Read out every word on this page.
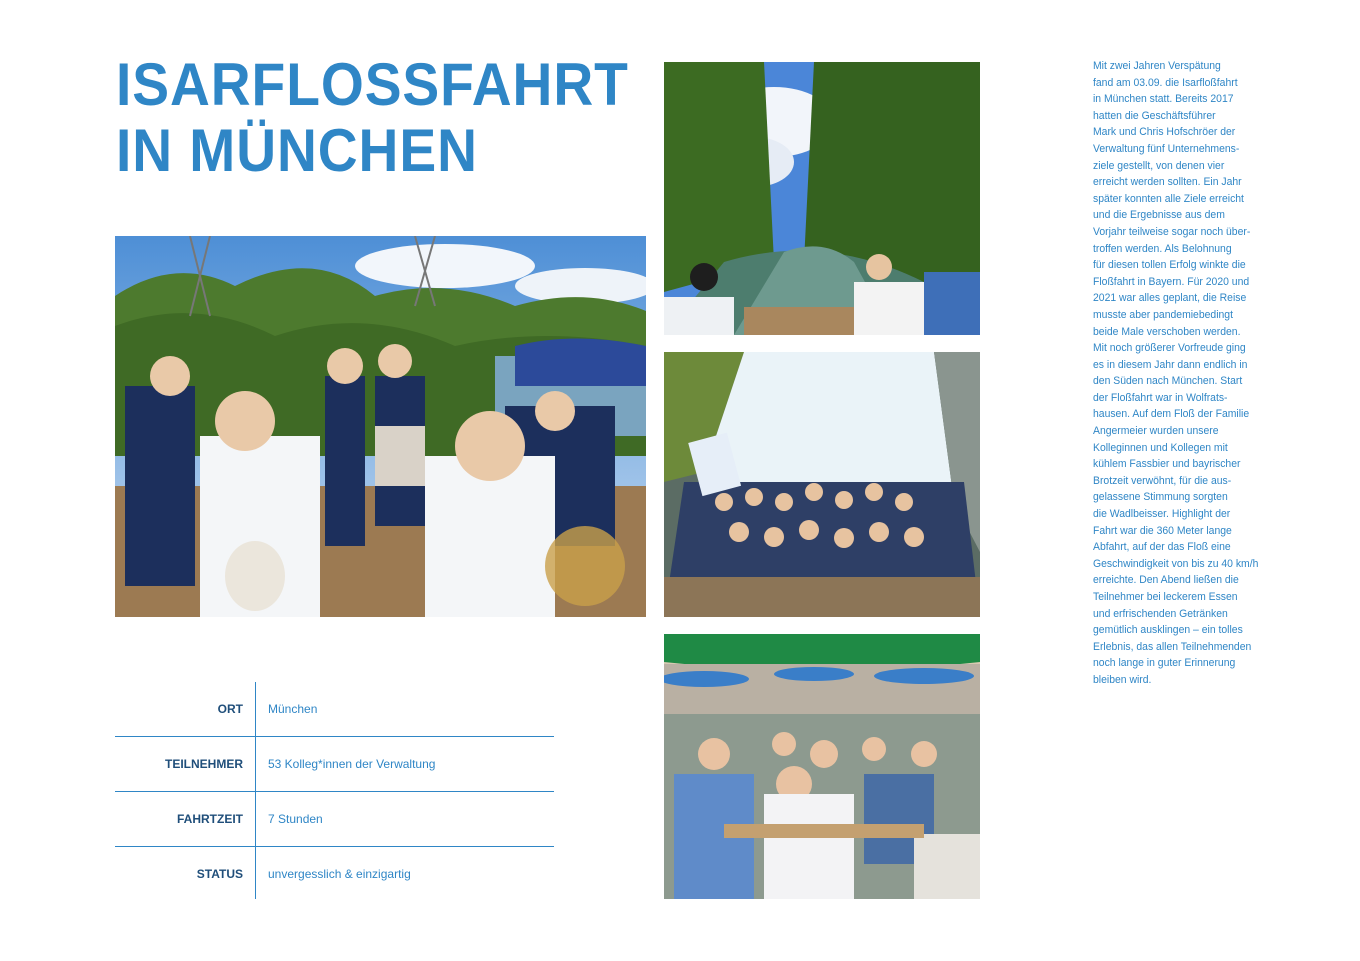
ISARFLOSSFAHRT
IN MÜNCHEN
ORT München
TEILNEHMER 53 Kolleg*innen der Verwaltung
FAHRTZEIT 7 Stunden
STATUS unvergesslich & einzigartig
Mit zwei Jahren Verspätung
fand am 03.09. die Isarfloßfahrt
in München statt. Bereits 2017
hatten die Geschäftsführer
Mark und Chris Hofschröer der
Verwaltung fünf Unternehmens-
ziele gestellt, von denen vier
erreicht werden sollten. Ein Jahr
später konnten alle Ziele erreicht
und die Ergebnisse aus dem
Vorjahr teilweise sogar noch über-
troffen werden. Als Belohnung
für diesen tollen Erfolg winkte die
Floßfahrt in Bayern. Für 2020 und
2021 war alles geplant, die Reise
musste aber pandemiebedingt
beide Male verschoben werden.
Mit noch größerer Vorfreude ging
es in diesem Jahr dann endlich in
den Süden nach München. Start
der Floßfahrt war in Wolfrats-
hausen. Auf dem Floß der Familie
Angermeier wurden unsere
Kolleginnen und Kollegen mit
kühlem Fassbier und bayrischer
Brotzeit verwöhnt, für die aus-
gelassene Stimmung sorgten
die Wadlbeisser. Highlight der
Fahrt war die 360 Meter lange
Abfahrt, auf der das Floß eine
Geschwindigkeit von bis zu 40 km/h
erreichte. Den Abend ließen die
Teilnehmer bei leckerem Essen
und erfrischenden Getränken
gemütlich ausklingen – ein tolles
Erlebnis, das allen Teilnehmenden
noch lange in guter Erinnerung
bleiben wird.
